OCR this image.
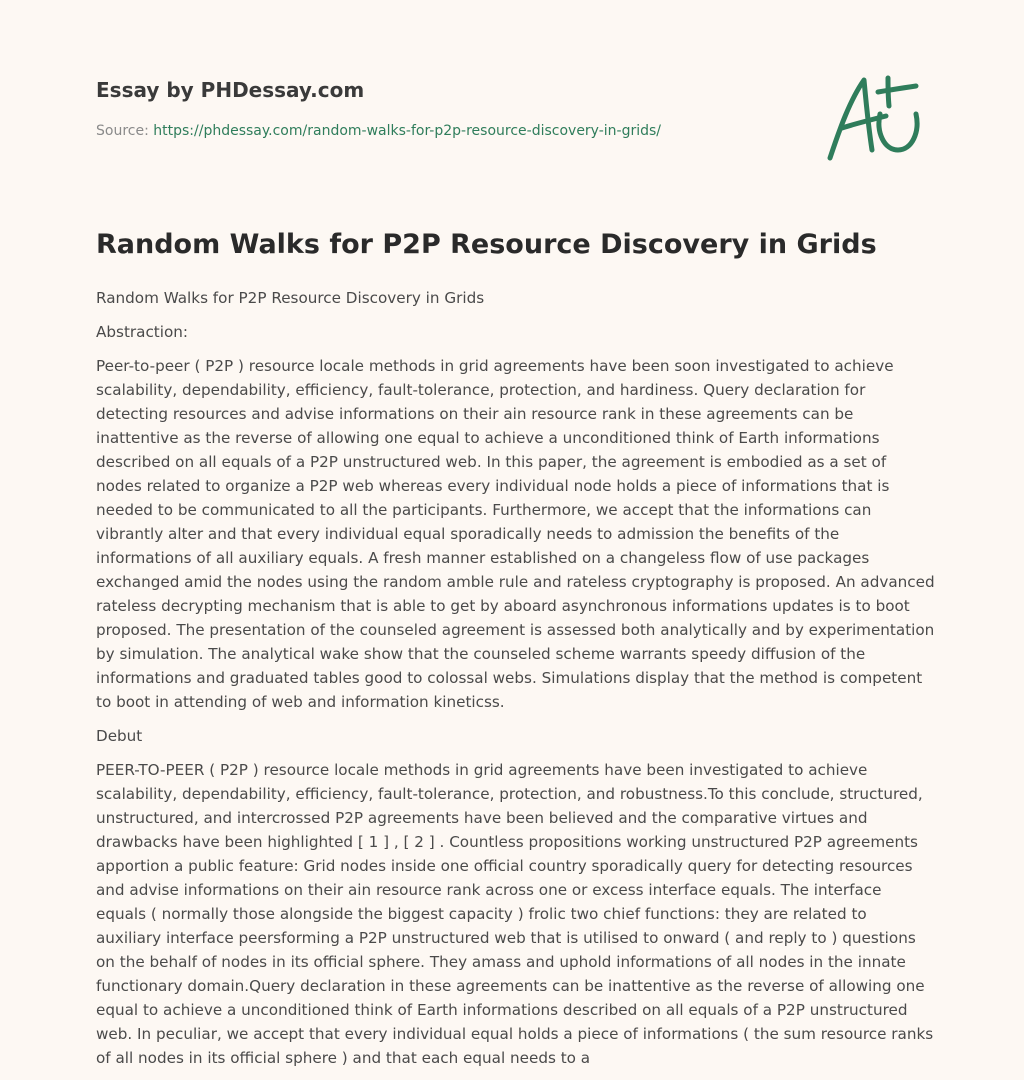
Essay by PHDessay.com
Source: https://phdessay.com/random-walks-for-p2p-resource-discovery-in-grids/
Random Walks for P2P Resource Discovery in Grids

Random Walks for P2P Resource Discovery in Grids

Abstraction:

Peer-to-peer ( P2P ) resource locale methods in grid agreements have been soon investigated to achieve scalability, dependability, efficiency, fault-tolerance, protection, and hardiness. Query declaration for detecting resources and advise informations on their ain resource rank in these agreements can be inattentive as the reverse of allowing one equal to achieve a unconditioned think of Earth informations described on all equals of a P2P unstructured web. In this paper, the agreement is embodied as a set of nodes related to organize a P2P web whereas every individual node holds a piece of informations that is needed to be communicated to all the participants. Furthermore, we accept that the informations can vibrantly alter and that every individual equal sporadically needs to admission the benefits of the informations of all auxiliary equals. A fresh manner established on a changeless flow of use packages exchanged amid the nodes using the random amble rule and rateless cryptography is proposed. An advanced rateless decrypting mechanism that is able to get by aboard asynchronous informations updates is to boot proposed. The presentation of the counseled agreement is assessed both analytically and by experimentation by simulation. The analytical wake show that the counseled scheme warrants speedy diffusion of the informations and graduated tables good to colossal webs. Simulations display that the method is competent to boot in attending of web and information kineticss.

Debut

PEER-TO-PEER ( P2P ) resource locale methods in grid agreements have been investigated to achieve scalability, dependability, efficiency, fault-tolerance, protection, and robustness.To this conclude, structured, unstructured, and intercrossed P2P agreements have been believed and the comparative virtues and drawbacks have been highlighted [ 1 ] , [ 2 ] . Countless propositions working unstructured P2P agreements apportion a public feature: Grid nodes inside one official country sporadically query for detecting resources and advise informations on their ain resource rank across one or excess interface equals. The interface equals ( normally those alongside the biggest capacity ) frolic two chief functions: they are related to auxiliary interface peersforming a P2P unstructured web that is utilised to onward ( and reply to ) questions on the behalf of nodes in its official sphere. They amass and uphold informations of all nodes in the innate functionary domain.Query declaration in these agreements can be inattentive as the reverse of allowing one equal to achieve a unconditioned think of Earth informations described on all equals of a P2P unstructured web. In peculiar, we accept that every individual equal holds a piece of informations ( the sum resource ranks of all nodes in its official sphere ) and that each equal needs to a
